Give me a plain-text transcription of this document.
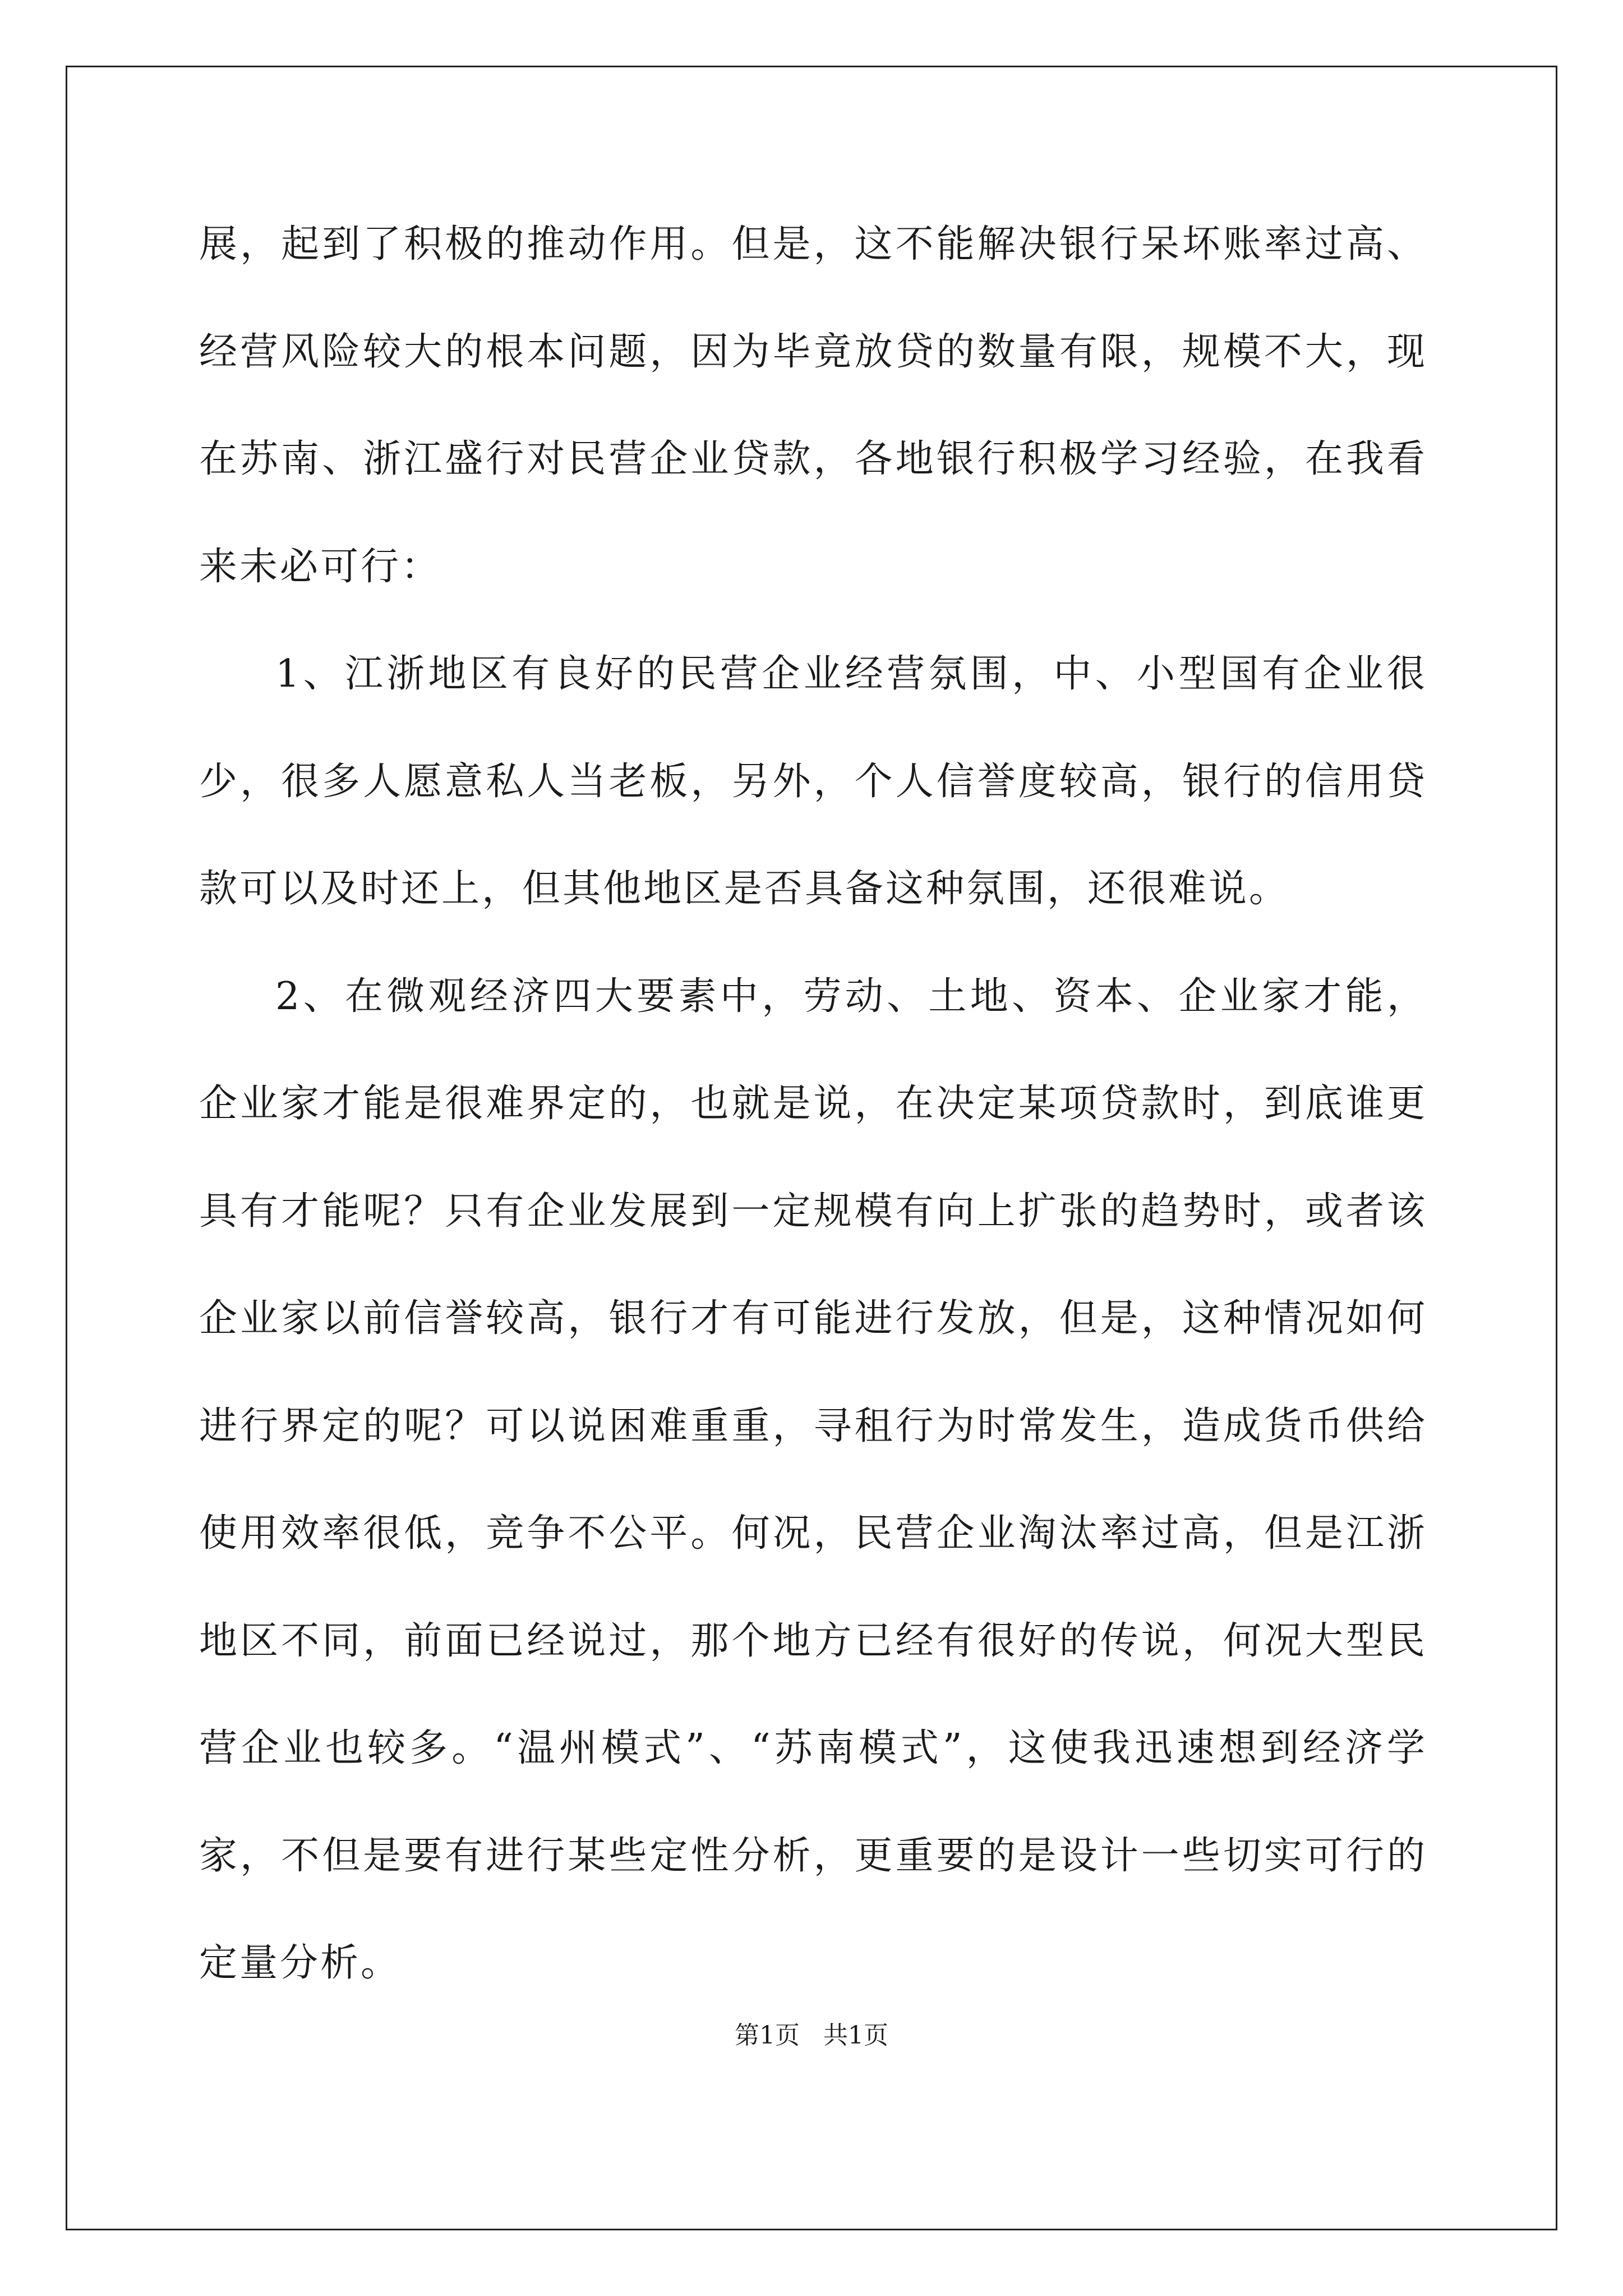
展，起到了积极的推动作用。但是，这不能解决银行呆坏账率过高、经营风险较大的根本问题，因为毕竟放贷的数量有限，规模不大，现在苏南、浙江盛行对民营企业贷款，各地银行积极学习经验，在我看来未必可行：

1、江浙地区有良好的民营企业经营氛围，中、小型国有企业很少，很多人愿意私人当老板，另外，个人信誉度较高，银行的信用贷款可以及时还上，但其他地区是否具备这种氛围，还很难说。

2、在微观经济四大要素中，劳动、土地、资本、企业家才能，企业家才能是很难界定的，也就是说，在决定某项贷款时，到底谁更具有才能呢？只有企业发展到一定规模有向上扩张的趋势时，或者该企业家以前信誉较高，银行才有可能进行发放，但是，这种情况如何进行界定的呢？可以说困难重重，寻租行为时常发生，造成货币供给使用效率很低，竞争不公平。何况，民营企业淘汰率过高，但是江浙地区不同，前面已经说过，那个地方已经有很好的传说，何况大型民营企业也较多。“温州模式”、“苏南模式”，这使我迅速想到经济学家，不但是要有进行某些定性分析，更重要的是设计一些切实可行的定量分析。

第1页   共1页
